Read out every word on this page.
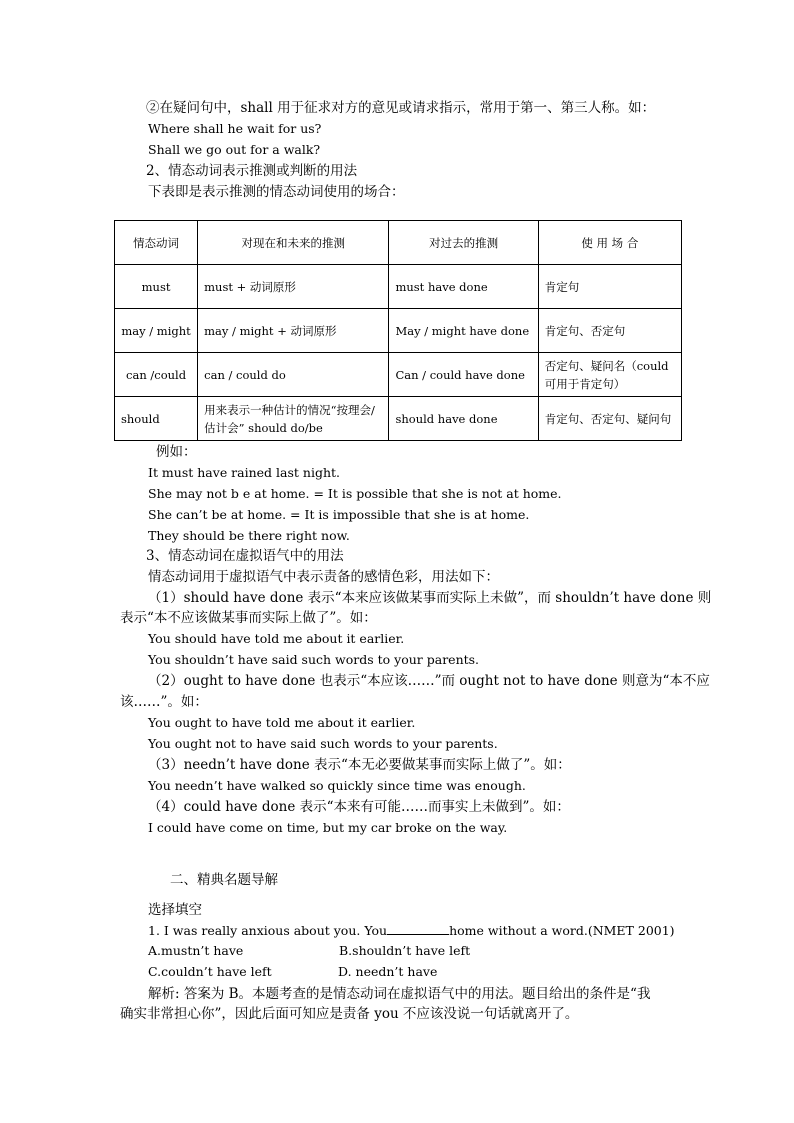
②在疑问句中，shall 用于征求对方的意见或请求指示，常用于第一、第三人称。如：
Where shall he wait for us?
Shall we go out for a walk?
2、情态动词表示推测或判断的用法
下表即是表示推测的情态动词使用的场合：
情态动词	对现在和未来的推测	对过去的推测	使 用 场 合
must	must + 动词原形	must have done	肯定句
may / might	may / might + 动词原形	May / might have done	肯定句、否定句
can /could	can / could do	Can / could have done	否定句、疑问名（could 可用于肯定句）
should	用来表示一种估计的情况“按理会/估计会” should do/be	should have done	肯定句、否定句、疑问句
例如：
It must have rained last night.
She may not b e at home. = It is possible that she is not at home.
She can’t be at home. = It is impossible that she is at home.
They should be there right now.
3、情态动词在虚拟语气中的用法
情态动词用于虚拟语气中表示责备的感情色彩，用法如下：
（1）should have done 表示“本来应该做某事而实际上未做”，而 shouldn’t have done 则
表示“本不应该做某事而实际上做了”。如：
You should have told me about it earlier.
You shouldn’t have said such words to your parents.
（2）ought to have done 也表示“本应该……”而 ought not to have done 则意为“本不应
该……”。如：
You ought to have told me about it earlier.
You ought not to have said such words to your parents.
（3）needn’t have done 表示“本无必要做某事而实际上做了”。如：
You needn’t have walked so quickly since time was enough.
（4）could have done 表示“本来有可能……而事实上未做到”。如：
I could have come on time, but my car broke on the way.
二、精典名题导解
选择填空
1. I was really anxious about you. You	home without a word.(NMET 2001)
A.mustn’t have	B.shouldn’t have left
C.couldn’t have left	D. needn’t have
解析: 答案为 B。本题考查的是情态动词在虚拟语气中的用法。题目给出的条件是“我
确实非常担心你”，因此后面可知应是责备 you 不应该没说一句话就离开了。
